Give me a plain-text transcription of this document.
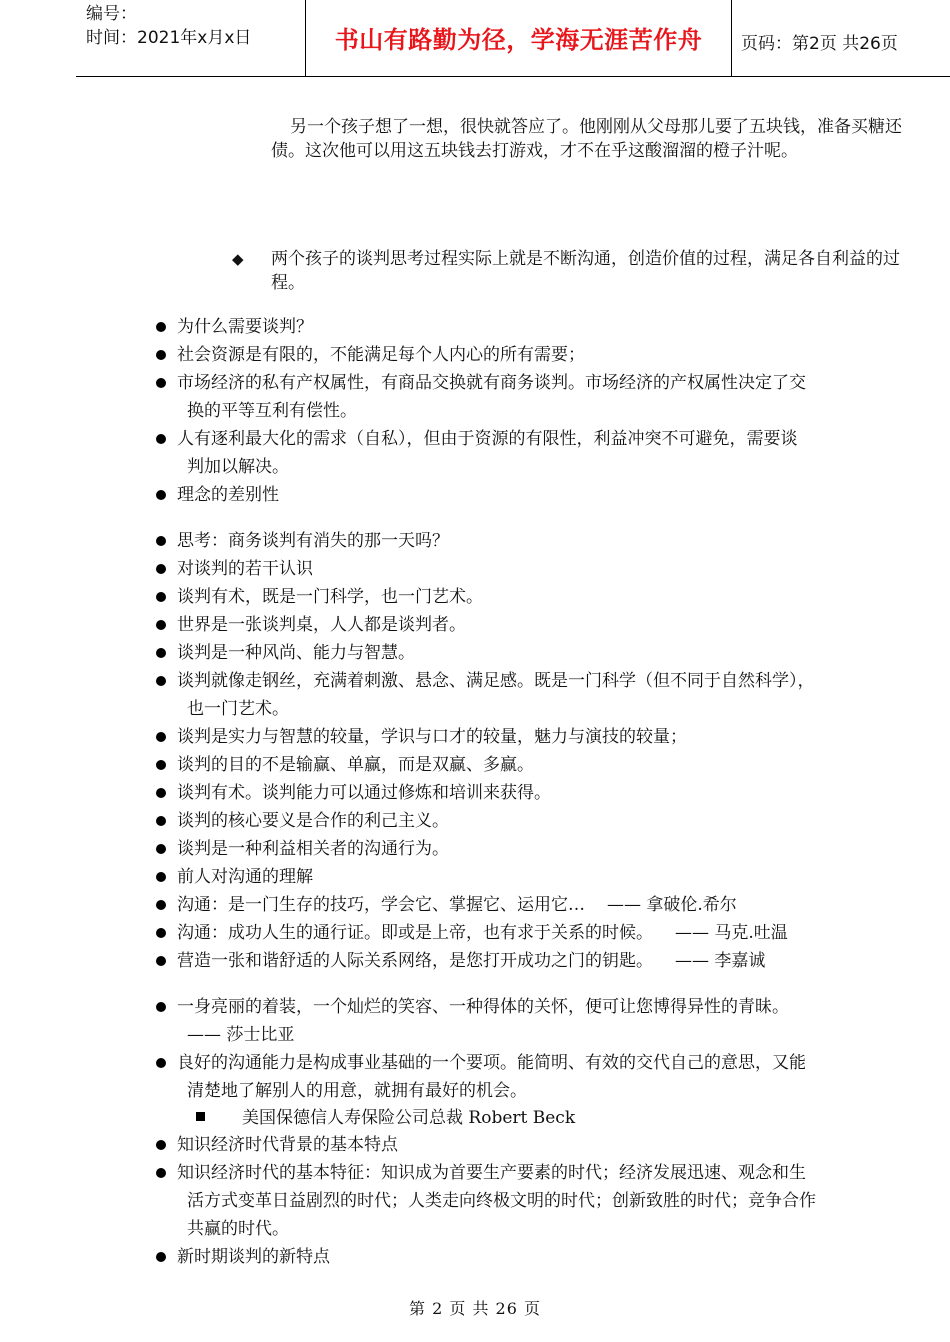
编号：
时间：2021年x月x日	书山有路勤为径，学海无涯苦作舟	页码：第2页 共26页
另一个孩子想了一想，很快就答应了。他刚刚从父母那儿要了五块钱，准备买糖还债。这次他可以用这五块钱去打游戏，才不在乎这酸溜溜的橙子汁呢。
◆ 两个孩子的谈判思考过程实际上就是不断沟通，创造价值的过程，满足各自利益的过程。
为什么需要谈判？
社会资源是有限的，不能满足每个人内心的所有需要；
市场经济的私有产权属性，有商品交换就有商务谈判。市场经济的产权属性决定了交
换的平等互利有偿性。
人有逐利最大化的需求（自私），但由于资源的有限性，利益冲突不可避免，需要谈
判加以解决。
理念的差别性
思考：商务谈判有消失的那一天吗？
对谈判的若干认识
谈判有术，既是一门科学，也一门艺术。
世界是一张谈判桌，人人都是谈判者。
谈判是一种风尚、能力与智慧。
谈判就像走钢丝，充满着刺激、悬念、满足感。既是一门科学（但不同于自然科学），
也一门艺术。
谈判是实力与智慧的较量，学识与口才的较量，魅力与演技的较量；
谈判的目的不是输赢、单赢，而是双赢、多赢。
谈判有术。谈判能力可以通过修炼和培训来获得。
谈判的核心要义是合作的利己主义。
谈判是一种利益相关者的沟通行为。
前人对沟通的理解
沟通：是一门生存的技巧，学会它、掌握它、运用它… —— 拿破伦.希尔
沟通：成功人生的通行证。即或是上帝，也有求于关系的时候。 —— 马克.吐温
营造一张和谐舒适的人际关系网络，是您打开成功之门的钥匙。 —— 李嘉诚
一身亮丽的着装，一个灿烂的笑容、一种得体的关怀，便可让您博得异性的青昧。
—— 莎士比亚
良好的沟通能力是构成事业基础的一个要项。能简明、有效的交代自己的意思，又能
清楚地了解别人的用意，就拥有最好的机会。
美国保德信人寿保险公司总裁 Robert Beck
知识经济时代背景的基本特点
知识经济时代的基本特征：知识成为首要生产要素的时代；经济发展迅速、观念和生
活方式变革日益剧烈的时代；人类走向终极文明的时代；创新致胜的时代；竞争合作
共赢的时代。
新时期谈判的新特点
第 2 页 共 26 页
